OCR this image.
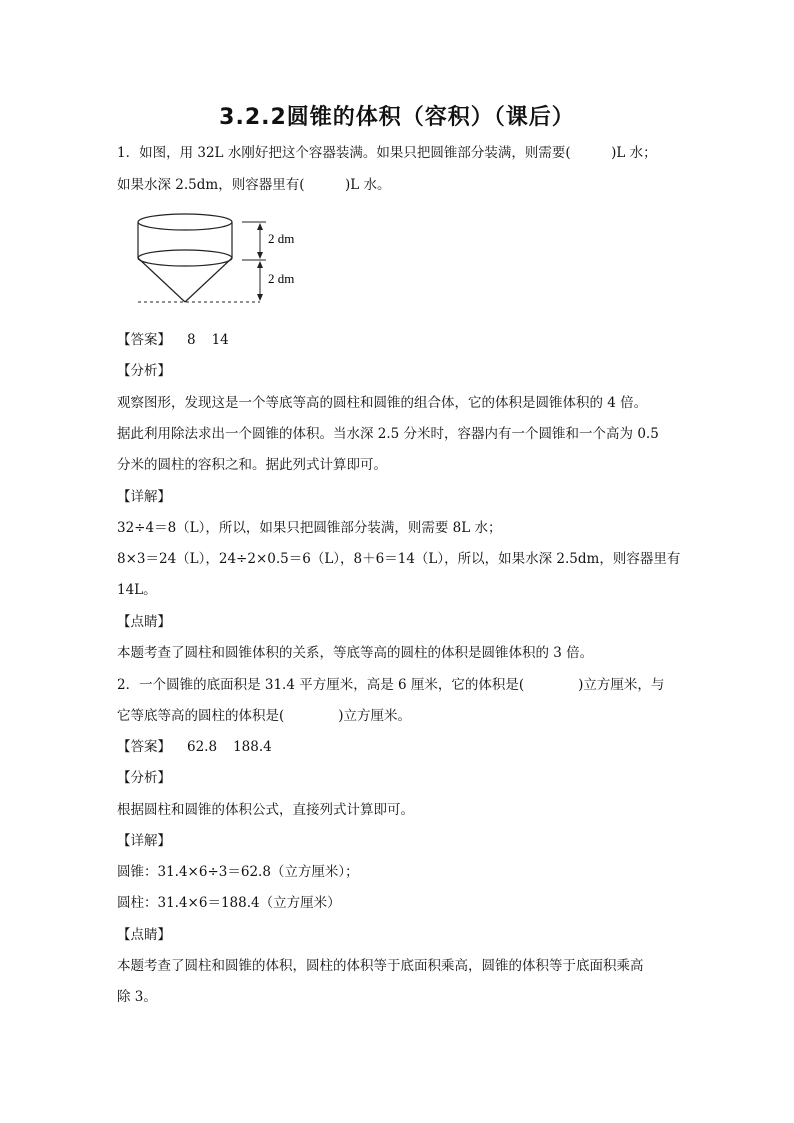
3.2.2圆锥的体积（容积）（课后）
1．如图，用 32L 水刚好把这个容器装满。如果只把圆锥部分装满，则需要(　　　)L 水；
如果水深 2.5dm，则容器里有(　　　)L 水。
2 dm
2 dm
【答案】 8 14
【分析】
观察图形，发现这是一个等底等高的圆柱和圆锥的组合体，它的体积是圆锥体积的 4 倍。
据此利用除法求出一个圆锥的体积。当水深 2.5 分米时，容器内有一个圆锥和一个高为 0.5
分米的圆柱的容积之和。据此列式计算即可。
【详解】
32÷4＝8（L），所以，如果只把圆锥部分装满，则需要 8L 水；
8×3＝24（L），24÷2×0.5＝6（L），8＋6＝14（L），所以，如果水深 2.5dm，则容器里有
14L。
【点睛】
本题考查了圆柱和圆锥体积的关系，等底等高的圆柱的体积是圆锥体积的 3 倍。
2．一个圆锥的底面积是 31.4 平方厘米，高是 6 厘米，它的体积是(　　　　)立方厘米，与
它等底等高的圆柱的体积是(　　　　)立方厘米。
【答案】 62.8 188.4
【分析】
根据圆柱和圆锥的体积公式，直接列式计算即可。
【详解】
圆锥：31.4×6÷3＝62.8（立方厘米）；
圆柱：31.4×6＝188.4（立方厘米）
【点睛】
本题考查了圆柱和圆锥的体积，圆柱的体积等于底面积乘高，圆锥的体积等于底面积乘高
除 3。
